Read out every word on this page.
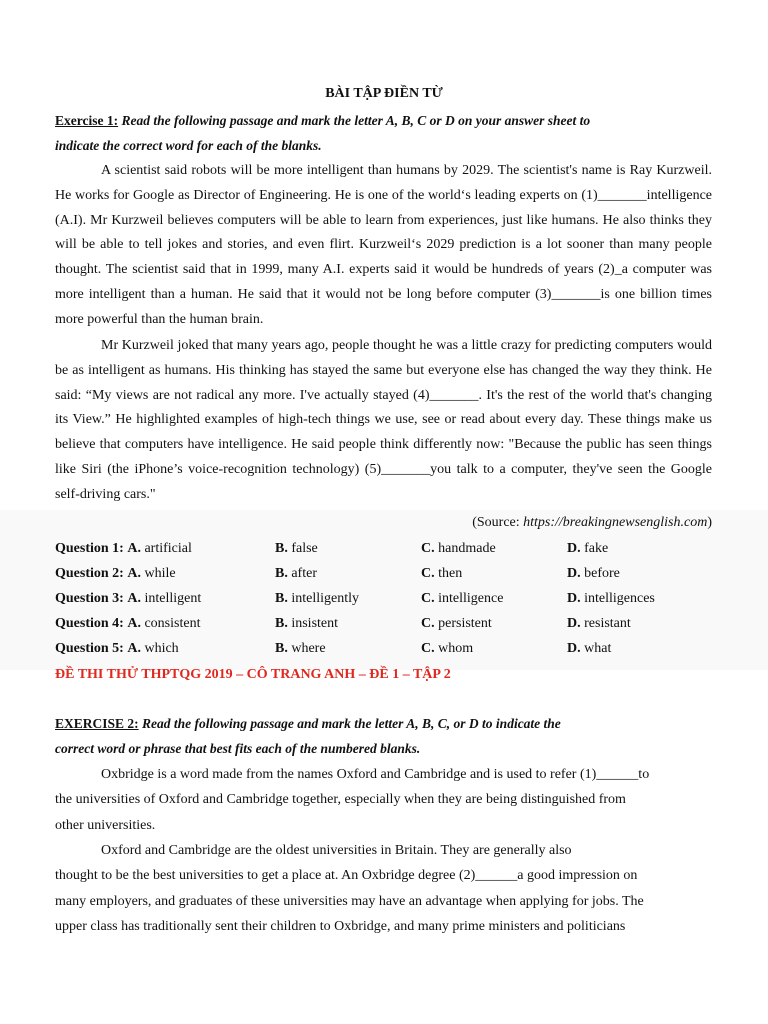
BÀI TẬP ĐIỀN TỪ
Exercise 1: Read the following passage and mark the letter A, B, C or D on your answer sheet to
indicate the correct word for each of the blanks.
A scientist said robots will be more intelligent than humans by 2029. The scientist's name is Ray Kurzweil. He works for Google as Director of Engineering. He is one of the world‘s leading experts on (1)_______intelligence (A.I). Mr Kurzweil believes computers will be able to learn from experiences, just like humans. He also thinks they will be able to tell jokes and stories, and even flirt. Kurzweil‘s 2029 prediction is a lot sooner than many people thought. The scientist said that in 1999, many A.I. experts said it would be hundreds of years (2)_a computer was more intelligent than a human. He said that it would not be long before computer (3)_______is one billion times more powerful than the human brain.
Mr Kurzweil joked that many years ago, people thought he was a little crazy for predicting computers would be as intelligent as humans. His thinking has stayed the same but everyone else has changed the way they think. He said: “My views are not radical any more. I've actually stayed (4)_______. It's the rest of the world that's changing its View.” He highlighted examples of high-tech things we use, see or read about every day. These things make us believe that computers have intelligence. He said people think differently now: "Because the public has seen things like Siri (the iPhone’s voice-recognition technology) (5)_______you talk to a computer, they've seen the Google self-driving cars."
(Source: https://breakingnewsenglish.com)
Question 1: A. artificial	B. false	C. handmade	D. fake
Question 2: A. while	B. after	C. then	D. before
Question 3: A. intelligent	B. intelligently	C. intelligence	D. intelligences
Question 4: A. consistent	B. insistent	C. persistent	D. resistant
Question 5: A. which	B. where	C. whom	D. what
ĐỀ THI THỬ THPTQG 2019 – CÔ TRANG ANH – ĐỀ 1 – TẬP 2
EXERCISE 2: Read the following passage and mark the letter A, B, C, or D to indicate the
correct word or phrase that best fits each of the numbered blanks.
Oxbridge is a word made from the names Oxford and Cambridge and is used to refer (1)______to
the universities of Oxford and Cambridge together, especially when they are being distinguished from
other universities.
Oxford and Cambridge are the oldest universities in Britain. They are generally also
thought to be the best universities to get a place at. An Oxbridge degree (2)______a good impression on
many employers, and graduates of these universities may have an advantage when applying for jobs. The
upper class has traditionally sent their children to Oxbridge, and many prime ministers and politicians
